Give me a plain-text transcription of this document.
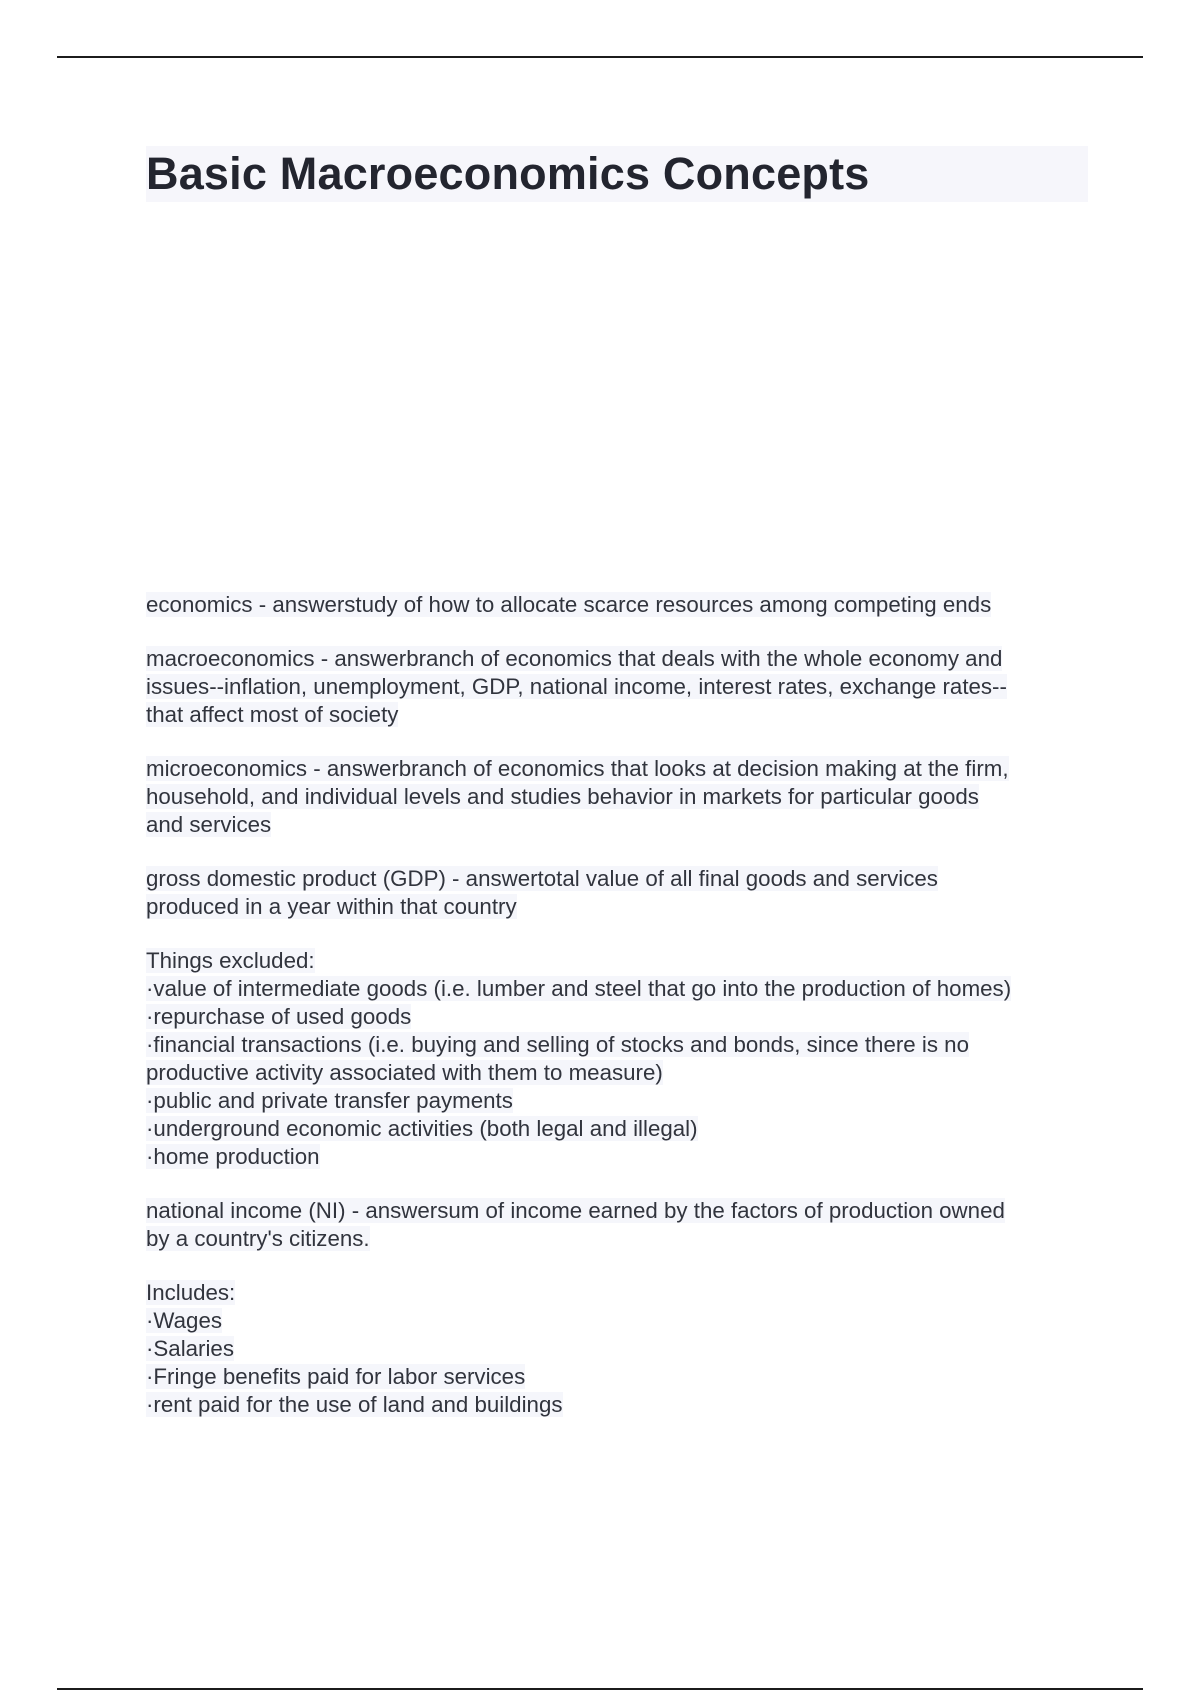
Basic Macroeconomics Concepts
economics - answerstudy of how to allocate scarce resources among competing ends
macroeconomics - answerbranch of economics that deals with the whole economy and
issues--inflation, unemployment, GDP, national income, interest rates, exchange rates--
that affect most of society
microeconomics - answerbranch of economics that looks at decision making at the firm,
household, and individual levels and studies behavior in markets for particular goods
and services
gross domestic product (GDP) - answertotal value of all final goods and services
produced in a year within that country
Things excluded:
·value of intermediate goods (i.e. lumber and steel that go into the production of homes)
·repurchase of used goods
·financial transactions (i.e. buying and selling of stocks and bonds, since there is no
productive activity associated with them to measure)
·public and private transfer payments
·underground economic activities (both legal and illegal)
·home production
national income (NI) - answersum of income earned by the factors of production owned
by a country's citizens.
Includes:
·Wages
·Salaries
·Fringe benefits paid for labor services
·rent paid for the use of land and buildings
